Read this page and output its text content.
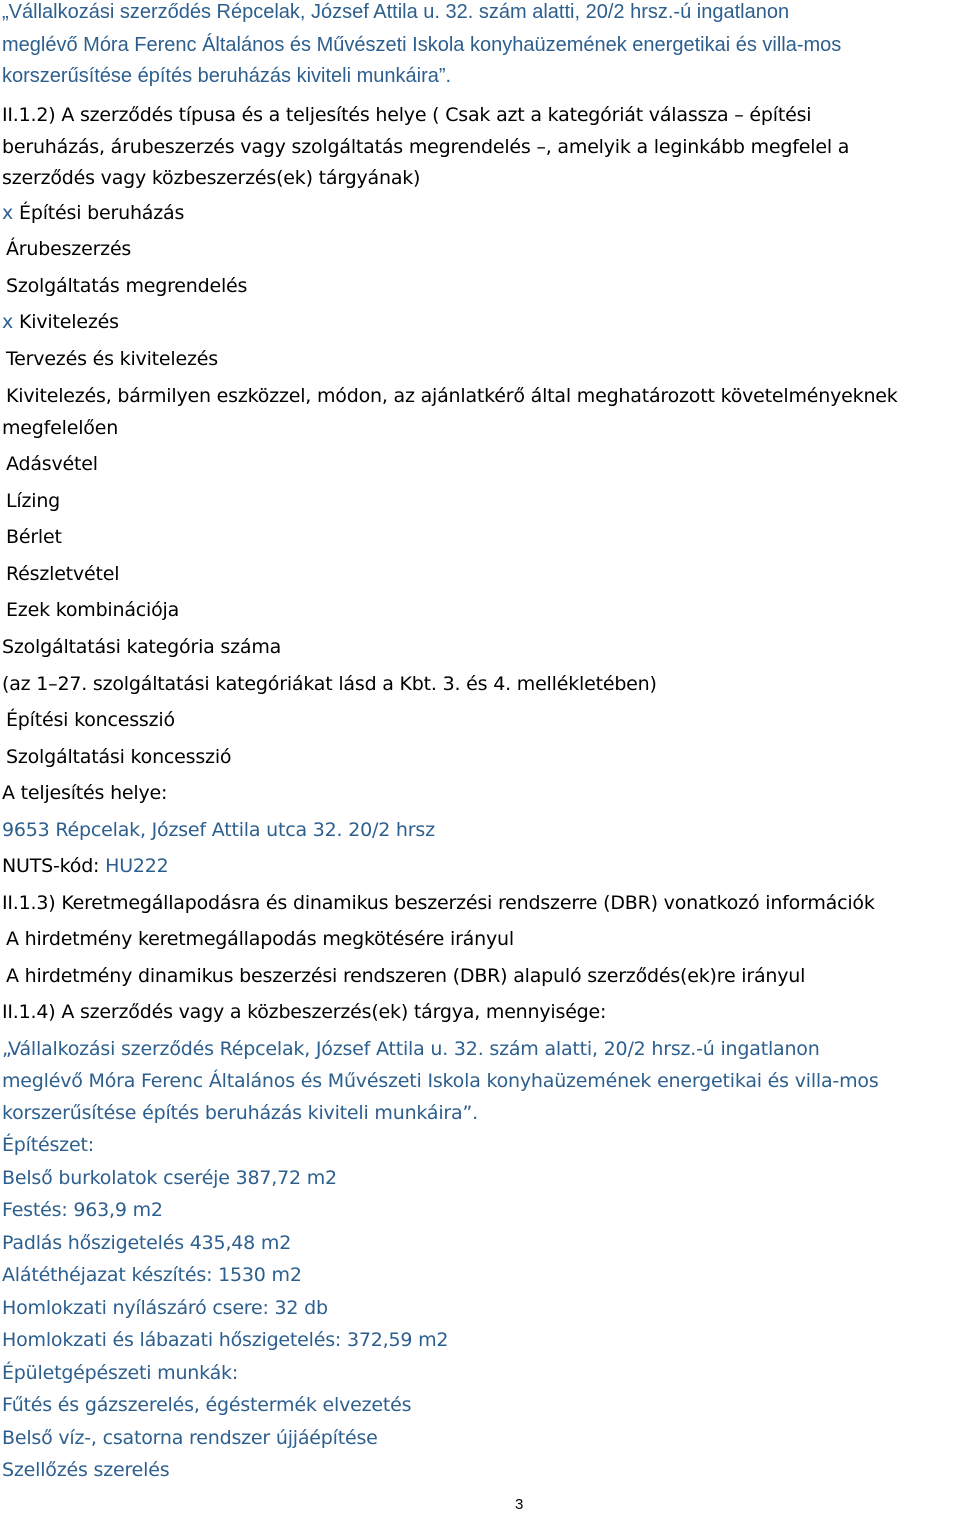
„Vállalkozási szerződés Répcelak, József Attila u. 32. szám alatti, 20/2 hrsz.-ú ingatlanon
meglévő Móra Ferenc Általános és Művészeti Iskola konyhaüzemének energetikai és villa-mos
korszerűsítése építés beruházás kiviteli munkáira”.
II.1.2) A szerződés típusa és a teljesítés helye ( Csak azt a kategóriát válassza – építési
beruházás, árubeszerzés vagy szolgáltatás megrendelés –, amelyik a leginkább megfelel a
szerződés vagy közbeszerzés(ek) tárgyának)
x Építési beruházás
Árubeszerzés
Szolgáltatás megrendelés
x Kivitelezés
Tervezés és kivitelezés
Kivitelezés, bármilyen eszközzel, módon, az ajánlatkérő által meghatározott követelményeknek
megfelelően
Adásvétel
Lízing
Bérlet
Részletvétel
Ezek kombinációja
Szolgáltatási kategória száma
(az 1–27. szolgáltatási kategóriákat lásd a Kbt. 3. és 4. mellékletében)
Építési koncesszió
Szolgáltatási koncesszió
A teljesítés helye:
9653 Répcelak, József Attila utca 32. 20/2 hrsz
NUTS-kód: HU222
II.1.3) Keretmegállapodásra és dinamikus beszerzési rendszerre (DBR) vonatkozó információk
A hirdetmény keretmegállapodás megkötésére irányul
A hirdetmény dinamikus beszerzési rendszeren (DBR) alapuló szerződés(ek)re irányul
II.1.4) A szerződés vagy a közbeszerzés(ek) tárgya, mennyisége:
„Vállalkozási szerződés Répcelak, József Attila u. 32. szám alatti, 20/2 hrsz.-ú ingatlanon
meglévő Móra Ferenc Általános és Művészeti Iskola konyhaüzemének energetikai és villa-mos
korszerűsítése építés beruházás kiviteli munkáira”.
Építészet:
Belső burkolatok cseréje 387,72 m2
Festés: 963,9 m2
Padlás hőszigetelés 435,48 m2
Alátéthéjazat készítés: 1530 m2
Homlokzati nyílászáró csere: 32 db
Homlokzati és lábazati hőszigetelés: 372,59 m2
Épületgépészeti munkák:
Fűtés és gázszerelés, égéstermék elvezetés
Belső víz-, csatorna rendszer újjáépítése
Szellőzés szerelés
3
